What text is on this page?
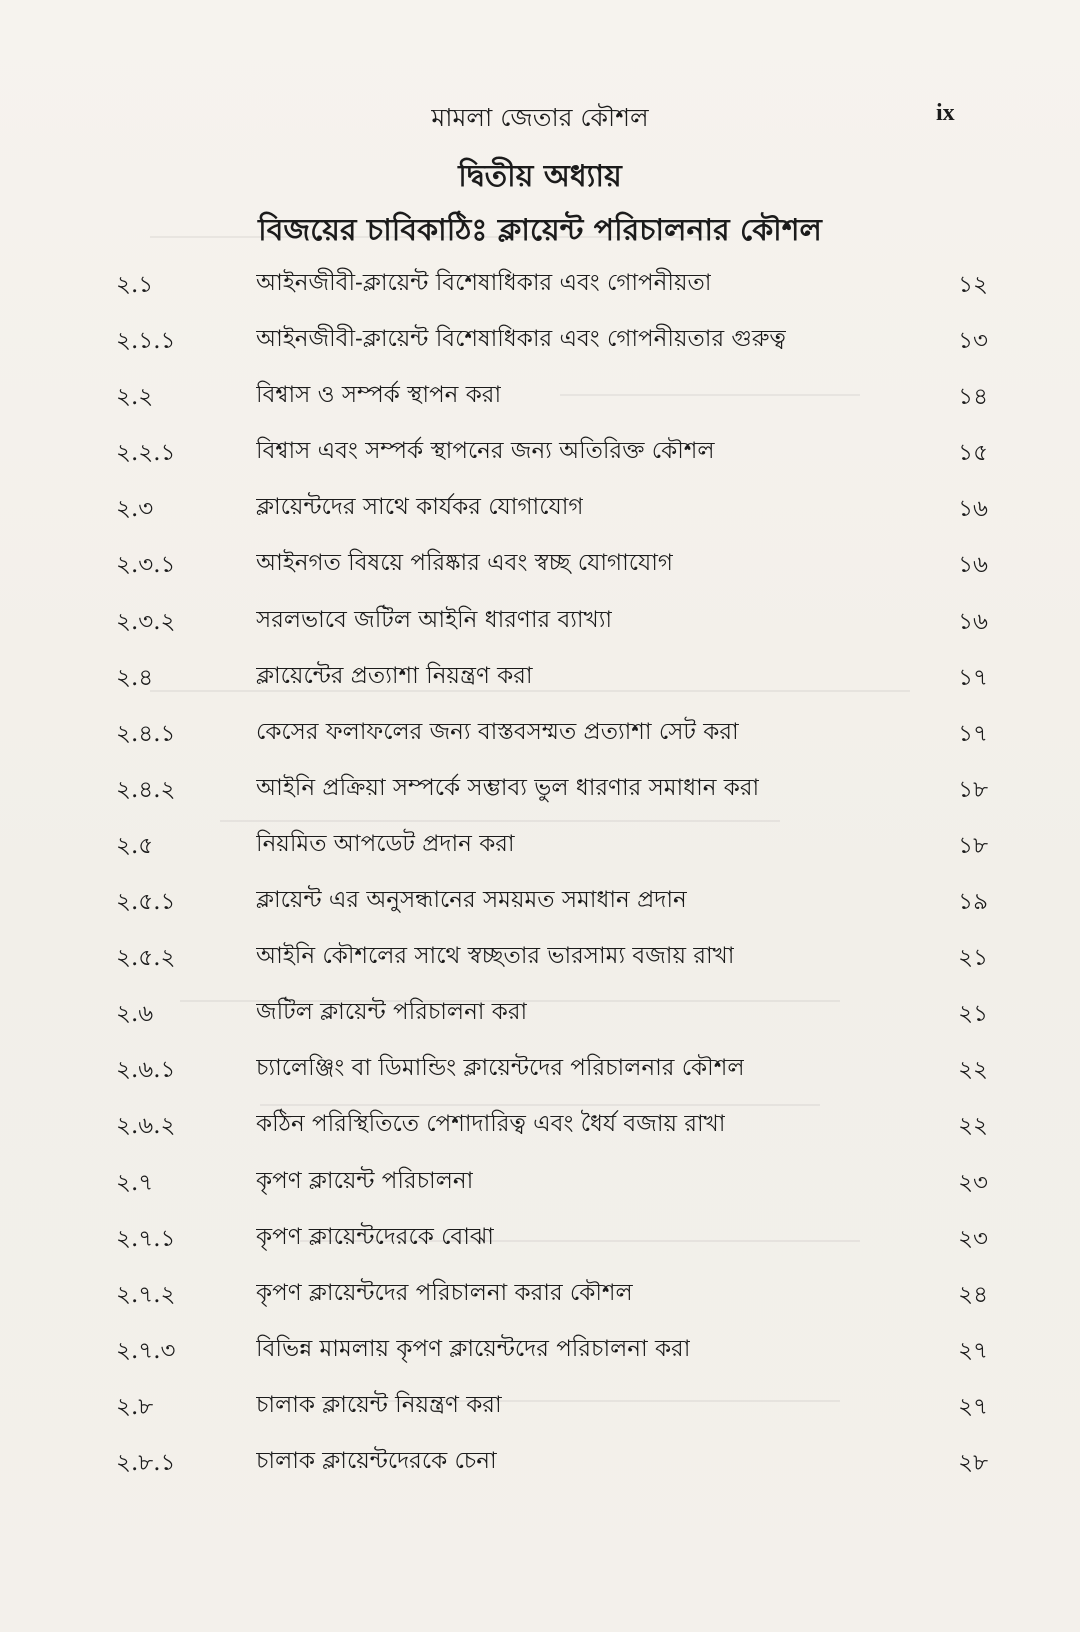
মামলা জেতার কৌশল	ix
দ্বিতীয় অধ্যায়
বিজয়ের চাবিকাঠিঃ ক্লায়েন্ট পরিচালনার কৌশল
২.১	আইনজীবী-ক্লায়েন্ট বিশেষাধিকার এবং গোপনীয়তা	১২
২.১.১	আইনজীবী-ক্লায়েন্ট বিশেষাধিকার এবং গোপনীয়তার গুরুত্ব	১৩
২.২	বিশ্বাস ও সম্পর্ক স্থাপন করা	১৪
২.২.১	বিশ্বাস এবং সম্পর্ক স্থাপনের জন্য অতিরিক্ত কৌশল	১৫
২.৩	ক্লায়েন্টদের সাথে কার্যকর যোগাযোগ	১৬
২.৩.১	আইনগত বিষয়ে পরিষ্কার এবং স্বচ্ছ যোগাযোগ	১৬
২.৩.২	সরলভাবে জটিল আইনি ধারণার ব্যাখ্যা	১৬
২.৪	ক্লায়েন্টের প্রত্যাশা নিয়ন্ত্রণ করা	১৭
২.৪.১	কেসের ফলাফলের জন্য বাস্তবসম্মত প্রত্যাশা সেট করা	১৭
২.৪.২	আইনি প্রক্রিয়া সম্পর্কে সম্ভাব্য ভুল ধারণার সমাধান করা	১৮
২.৫	নিয়মিত আপডেট প্রদান করা	১৮
২.৫.১	ক্লায়েন্ট এর অনুসন্ধানের সময়মত সমাধান প্রদান	১৯
২.৫.২	আইনি কৌশলের সাথে স্বচ্ছতার ভারসাম্য বজায় রাখা	২১
২.৬	জটিল ক্লায়েন্ট পরিচালনা করা	২১
২.৬.১	চ্যালেঞ্জিং বা ডিমান্ডিং ক্লায়েন্টদের পরিচালনার কৌশল	২২
২.৬.২	কঠিন পরিস্থিতিতে পেশাদারিত্ব এবং ধৈর্য বজায় রাখা	২২
২.৭	কৃপণ ক্লায়েন্ট পরিচালনা	২৩
২.৭.১	কৃপণ ক্লায়েন্টদেরকে বোঝা	২৩
২.৭.২	কৃপণ ক্লায়েন্টদের পরিচালনা করার কৌশল	২৪
২.৭.৩	বিভিন্ন মামলায় কৃপণ ক্লায়েন্টদের পরিচালনা করা	২৭
২.৮	চালাক ক্লায়েন্ট নিয়ন্ত্রণ করা	২৭
২.৮.১	চালাক ক্লায়েন্টদেরকে চেনা	২৮
